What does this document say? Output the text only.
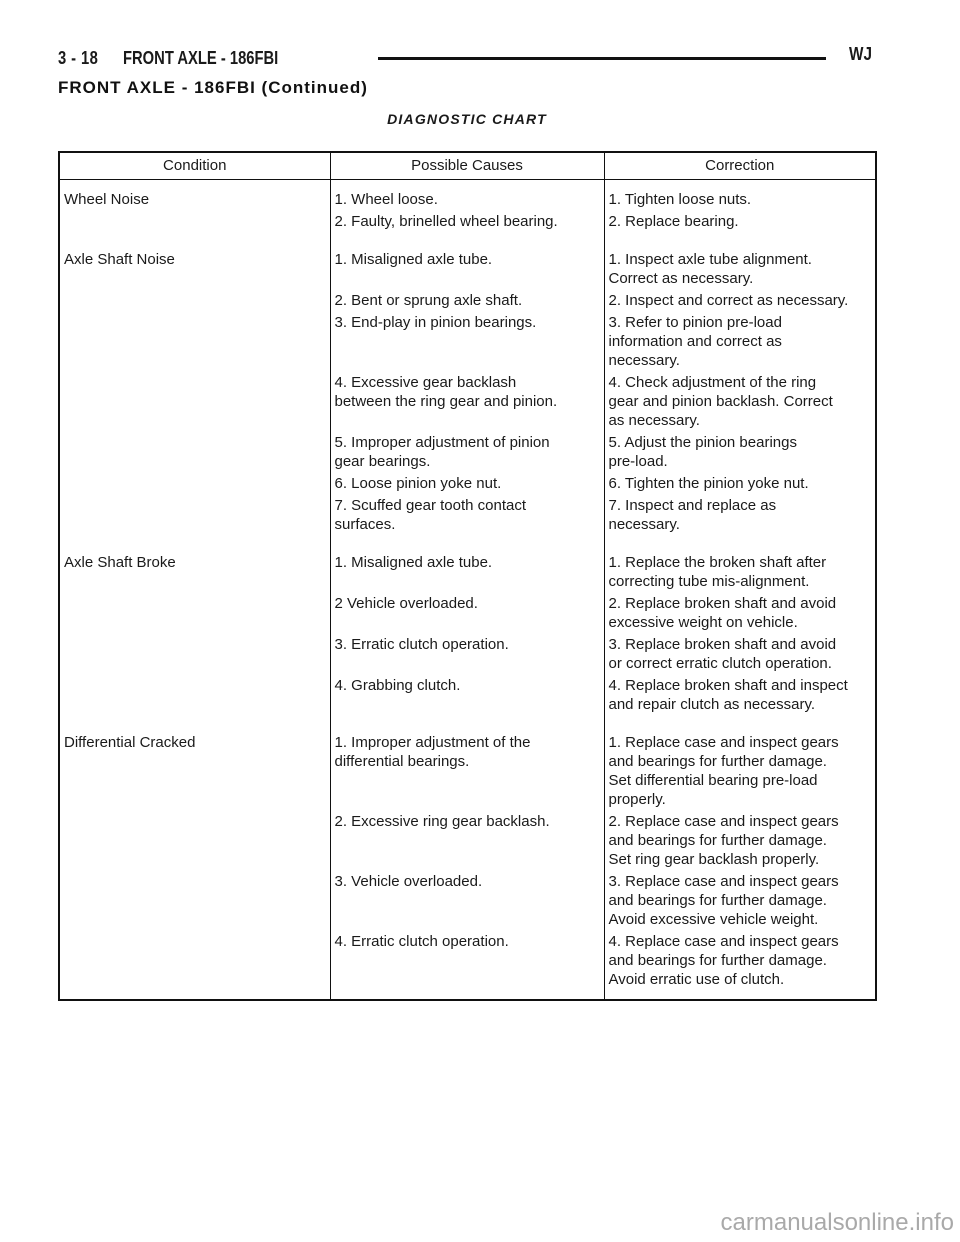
3 - 18 FRONT AXLE - 186FBI	WJ
FRONT AXLE - 186FBI (Continued)
DIAGNOSTIC CHART
Condition	Possible Causes	Correction
Wheel Noise	1. Wheel loose.	1. Tighten loose nuts.
	2. Faulty, brinelled wheel bearing.	2. Replace bearing.
Axle Shaft Noise	1. Misaligned axle tube.	1. Inspect axle tube alignment.
Correct as necessary.
	2. Bent or sprung axle shaft.	2. Inspect and correct as necessary.
	3. End-play in pinion bearings.	3. Refer to pinion pre-load
information and correct as
necessary.
	4. Excessive gear backlash
between the ring gear and pinion.	4. Check adjustment of the ring
gear and pinion backlash. Correct
as necessary.
	5. Improper adjustment of pinion
gear bearings.	5. Adjust the pinion bearings
pre-load.
	6. Loose pinion yoke nut.	6. Tighten the pinion yoke nut.
	7. Scuffed gear tooth contact
surfaces.	7. Inspect and replace as
necessary.
Axle Shaft Broke	1. Misaligned axle tube.	1. Replace the broken shaft after
correcting tube mis-alignment.
	2 Vehicle overloaded.	2. Replace broken shaft and avoid
excessive weight on vehicle.
	3. Erratic clutch operation.	3. Replace broken shaft and avoid
or correct erratic clutch operation.
	4. Grabbing clutch.	4. Replace broken shaft and inspect
and repair clutch as necessary.
Differential Cracked	1. Improper adjustment of the
differential bearings.	1. Replace case and inspect gears
and bearings for further damage.
Set differential bearing pre-load
properly.
	2. Excessive ring gear backlash.	2. Replace case and inspect gears
and bearings for further damage.
Set ring gear backlash properly.
	3. Vehicle overloaded.	3. Replace case and inspect gears
and bearings for further damage.
Avoid excessive vehicle weight.
	4. Erratic clutch operation.	4. Replace case and inspect gears
and bearings for further damage.
Avoid erratic use of clutch.
carmanualsonline.info
